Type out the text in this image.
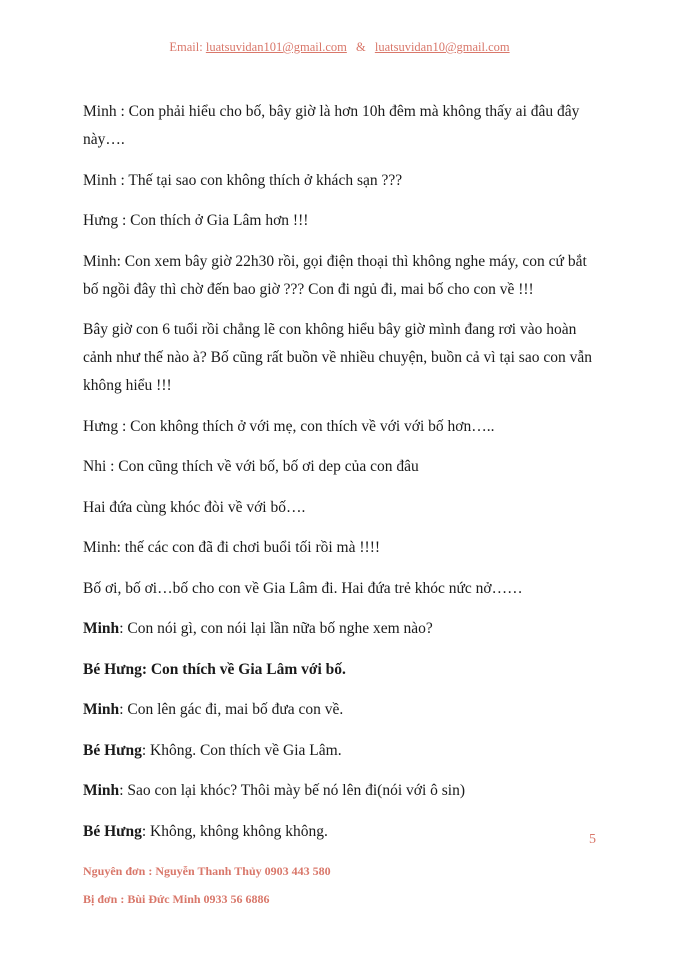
Email: luatsuvidan101@gmail.com & luatsuvidan10@gmail.com

Minh : Con phải hiểu cho bố, bây giờ là hơn 10h đêm mà không thấy ai đâu đây này….

Minh : Thế tại sao con không thích ở khách sạn ???

Hưng : Con thích ở Gia Lâm hơn !!!

Minh: Con xem bây giờ 22h30 rồi, gọi điện thoại thì không nghe máy, con cứ bắt bố ngồi đây thì chờ đến bao giờ ??? Con đi ngủ đi, mai bố cho con về !!!

Bây giờ con 6 tuổi rồi chẳng lẽ con không hiểu bây giờ mình đang rơi vào hoàn cảnh như thế nào à? Bố cũng rất buồn về nhiều chuyện, buồn cả vì tại sao con vẫn không hiểu !!!

Hưng : Con không thích ở với mẹ, con thích về với với bố hơn…..

Nhi : Con cũng thích về với bố, bố ơi dep của con đâu

Hai đứa cùng khóc đòi về với bố….

Minh: thế các con đã đi chơi buổi tối rồi mà !!!!

Bố ơi, bố ơi…bố cho con về Gia Lâm đi. Hai đứa trẻ khóc nức nở……

Minh: Con nói gì, con nói lại lần nữa bố nghe xem nào?

Bé Hưng: Con thích về Gia Lâm với bố.

Minh: Con lên gác đi, mai bố đưa con về.

Bé Hưng: Không. Con thích về Gia Lâm.

Minh: Sao con lại khóc? Thôi mày bế nó lên đi(nói với ô sin)

Bé Hưng: Không, không không không.	5
Nguyên đơn : Nguyễn Thanh Thủy 0903 443 580
Bị đơn : Bùi Đức Minh 0933 56 6886
